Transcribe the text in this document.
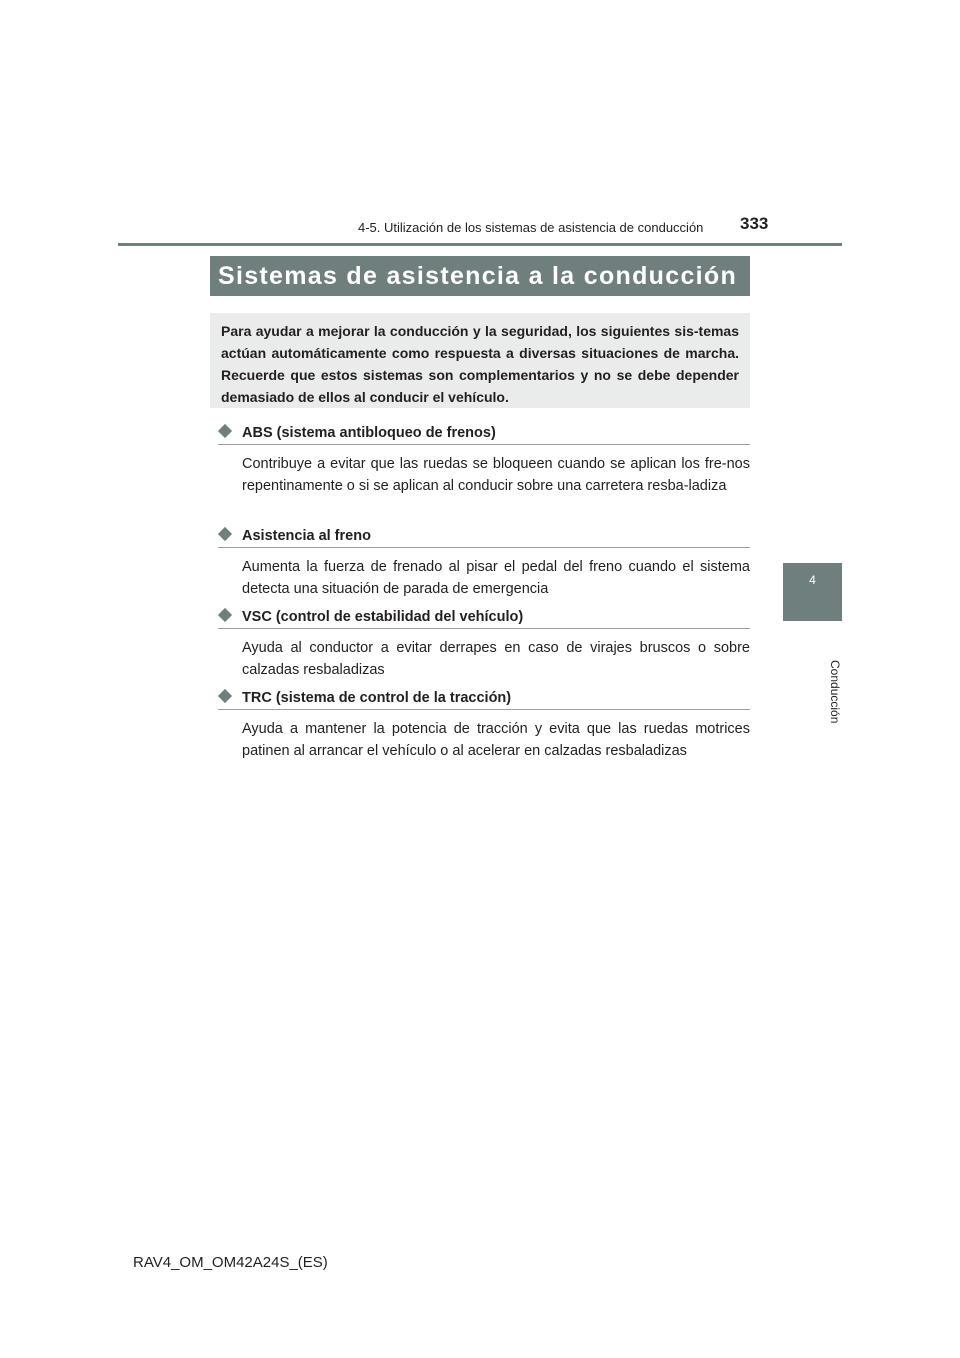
4-5. Utilización de los sistemas de asistencia de conducción 333
Sistemas de asistencia a la conducción
Para ayudar a mejorar la conducción y la seguridad, los siguientes sis-temas actúan automáticamente como respuesta a diversas situaciones de marcha. Recuerde que estos sistemas son complementarios y no se debe depender demasiado de ellos al conducir el vehículo.
4
Conducción
ABS (sistema antibloqueo de frenos)
Contribuye a evitar que las ruedas se bloqueen cuando se aplican los fre-nos repentinamente o si se aplican al conducir sobre una carretera resba-ladiza
Asistencia al freno
Aumenta la fuerza de frenado al pisar el pedal del freno cuando el sistema detecta una situación de parada de emergencia
VSC (control de estabilidad del vehículo)
Ayuda al conductor a evitar derrapes en caso de virajes bruscos o sobre calzadas resbaladizas
TRC (sistema de control de la tracción)
Ayuda a mantener la potencia de tracción y evita que las ruedas motrices patinen al arrancar el vehículo o al acelerar en calzadas resbaladizas
RAV4_OM_OM42A24S_(ES)
